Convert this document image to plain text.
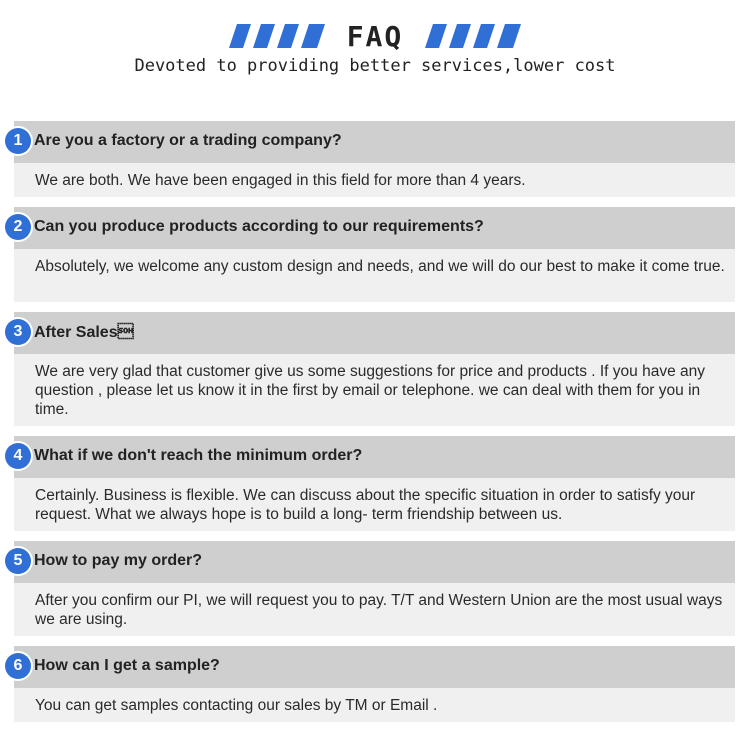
FAQ
Devoted to providing better services,lower cost
1 Are you a factory or a trading company?
We are both. We have been engaged in this field for more than 4 years.
2 Can you produce products according to our requirements?
Absolutely, we welcome any custom design and needs, and we will do our best to make it come true.
3 After Sales
We are very glad that customer give us some suggestions for price and products . If you have any question , please let us know it in the first by email or telephone. we can deal with them for you in time.
4 What if we don't reach the minimum order?
Certainly. Business is flexible. We can discuss about the specific situation in order to satisfy your request. What we always hope is to build a long- term friendship between us.
5 How to pay my order?
After you confirm our PI, we will request you to pay. T/T and Western Union are the most usual ways we are using.
6 How can I get a sample?
You can get samples contacting our sales by TM or Email .
